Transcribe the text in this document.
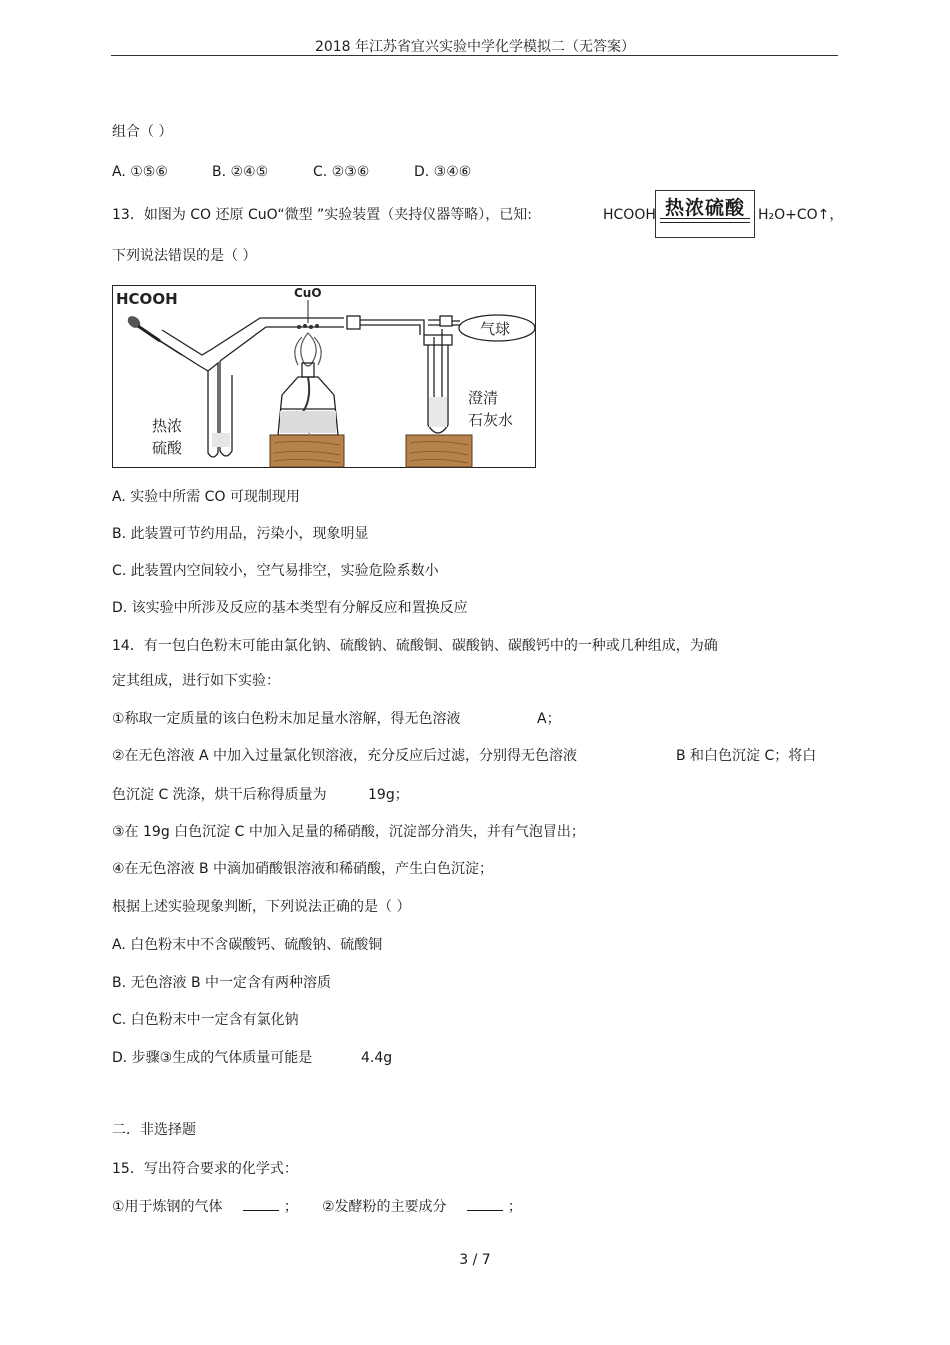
2018 年江苏省宜兴实验中学化学模拟二（无答案）
组合（ ）
A. ①⑤⑥	B. ②④⑤	C. ②③⑥	D. ③④⑥
13．如图为 CO 还原 CuO“微型 ”实验装置（夹持仪器等略），已知:	HCOOH 热浓硫酸 H₂O+CO↑，
下列说法错误的是（ ）
HCOOH	CuO
热浓
硫酸
澄清
石灰水
气球
A. 实验中所需 CO 可现制现用
B. 此装置可节约用品，污染小，现象明显
C. 此装置内空间较小，空气易排空，实验危险系数小
D. 该实验中所涉及反应的基本类型有分解反应和置换反应
14．有一包白色粉末可能由氯化钠、硫酸钠、硫酸铜、碳酸钠、碳酸钙中的一种或几种组成，为确
定其组成，进行如下实验：
①称取一定质量的该白色粉末加足量水溶解，得无色溶液	A；
②在无色溶液 A 中加入过量氯化钡溶液，充分反应后过滤，分别得无色溶液	B 和白色沉淀 C；将白
色沉淀 C 洗涤，烘干后称得质量为	19g；
③在 19g 白色沉淀 C 中加入足量的稀硝酸，沉淀部分消失，并有气泡冒出；
④在无色溶液 B 中滴加硝酸银溶液和稀硝酸，产生白色沉淀；
根据上述实验现象判断，下列说法正确的是（ ）
A. 白色粉末中不含碳酸钙、硫酸钠、硫酸铜
B. 无色溶液 B 中一定含有两种溶质
C. 白色粉末中一定含有氯化钠
D. 步骤③生成的气体质量可能是	4.4g
二．非选择题
15．写出符合要求的化学式：
①用于炼钢的气体	； ②发酵粉的主要成分	；
3 / 7
